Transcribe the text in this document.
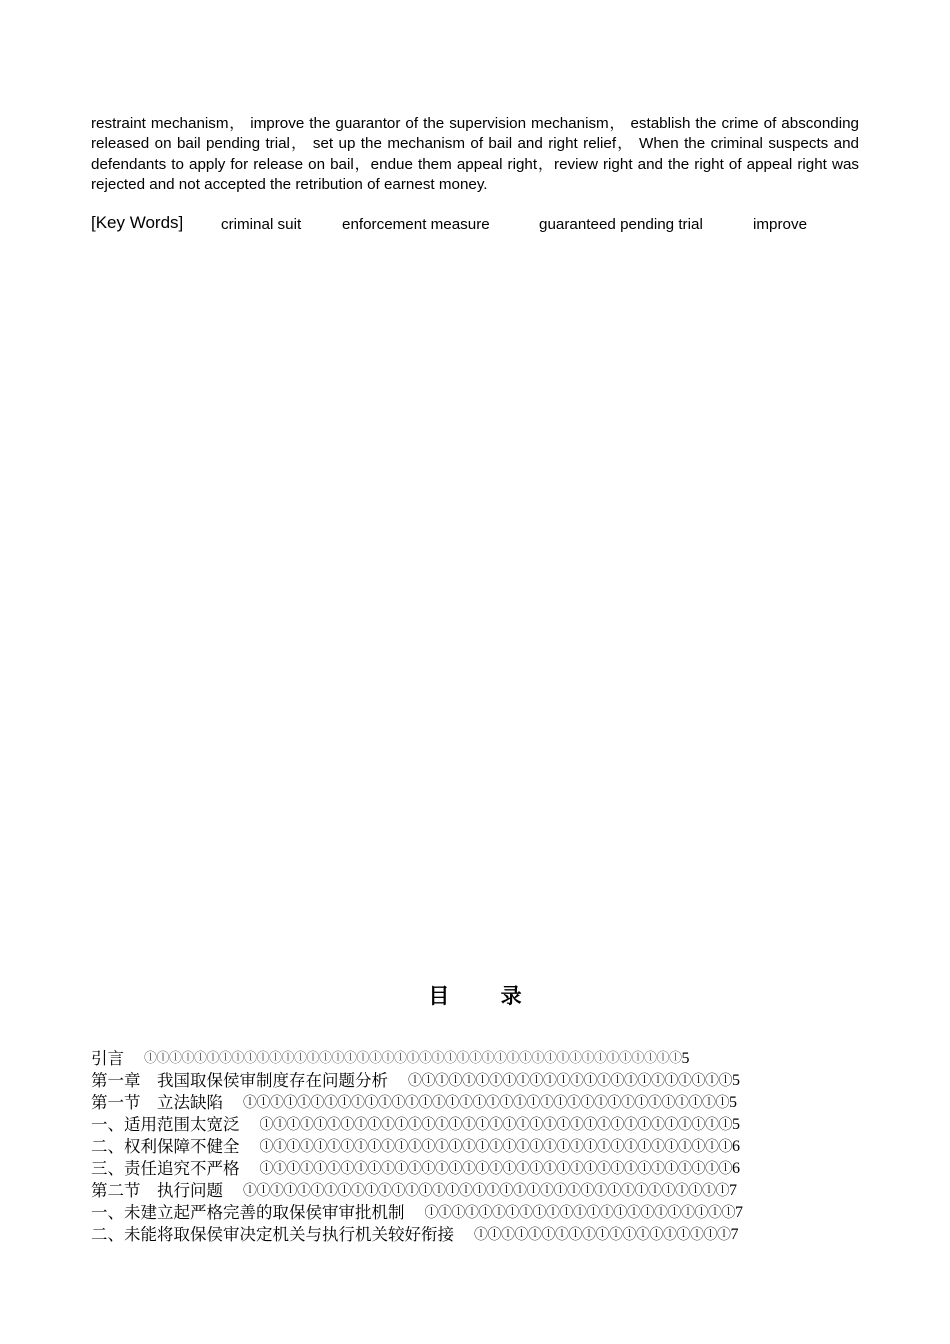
restraint mechanism， improve the guarantor of the supervision mechanism， establish the crime of absconding released on bail pending trial， set up the mechanism of bail and right relief， When the criminal suspects and defendants to apply for release on bail，endue them appeal right，review right and the right of appeal right was rejected and not accepted the retribution of earnest money.

[Key Words] criminal suit	enforcement measure	guaranteed pending trial	improve
目 录
引言 ⓛⓛⓛⓛⓛⓛⓛⓛⓛⓛⓛⓛⓛⓛⓛⓛⓛⓛⓛⓛⓛⓛⓛⓛⓛⓛⓛⓛⓛⓛⓛⓛⓛⓛⓛⓛⓛⓛⓛⓛⓛⓛⓛ 5
第一章　我国取保侯审制度存在问题分析 ⓛⓛⓛⓛⓛⓛⓛⓛⓛⓛⓛⓛⓛⓛⓛⓛⓛⓛⓛⓛⓛⓛⓛⓛ 5
第一节　立法缺陷 ⓛⓛⓛⓛⓛⓛⓛⓛⓛⓛⓛⓛⓛⓛⓛⓛⓛⓛⓛⓛⓛⓛⓛⓛⓛⓛⓛⓛⓛⓛⓛⓛⓛⓛⓛⓛ 5
一、适用范围太宽泛 ⓛⓛⓛⓛⓛⓛⓛⓛⓛⓛⓛⓛⓛⓛⓛⓛⓛⓛⓛⓛⓛⓛⓛⓛⓛⓛⓛⓛⓛⓛⓛⓛⓛⓛⓛ 5
二、权利保障不健全 ⓛⓛⓛⓛⓛⓛⓛⓛⓛⓛⓛⓛⓛⓛⓛⓛⓛⓛⓛⓛⓛⓛⓛⓛⓛⓛⓛⓛⓛⓛⓛⓛⓛⓛⓛ 6
三、责任追究不严格 ⓛⓛⓛⓛⓛⓛⓛⓛⓛⓛⓛⓛⓛⓛⓛⓛⓛⓛⓛⓛⓛⓛⓛⓛⓛⓛⓛⓛⓛⓛⓛⓛⓛⓛⓛ 6
第二节　执行问题 ⓛⓛⓛⓛⓛⓛⓛⓛⓛⓛⓛⓛⓛⓛⓛⓛⓛⓛⓛⓛⓛⓛⓛⓛⓛⓛⓛⓛⓛⓛⓛⓛⓛⓛⓛⓛ 7
一、未建立起严格完善的取保侯审审批机制 ⓛⓛⓛⓛⓛⓛⓛⓛⓛⓛⓛⓛⓛⓛⓛⓛⓛⓛⓛⓛⓛⓛⓛ 7
二、未能将取保侯审决定机关与执行机关较好衔接 ⓛⓛⓛⓛⓛⓛⓛⓛⓛⓛⓛⓛⓛⓛⓛⓛⓛⓛⓛ 7
